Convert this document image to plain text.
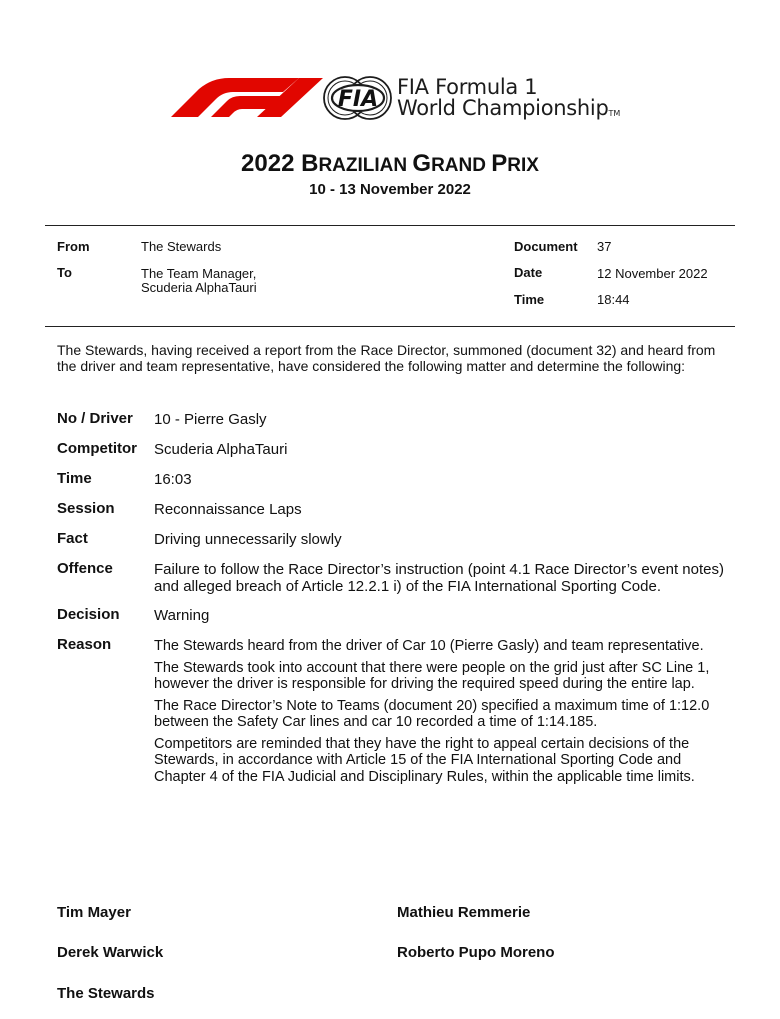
FIA FIA Formula 1
World ChampionshipTM
2022 BRAZILIAN GRAND PRIX
10 - 13 November 2022
From	The Stewards
To	The Team Manager,
Scuderia AlphaTauri
Document 37
Date	12 November 2022
Time	18:44
The Stewards, having received a report from the Race Director, summoned (document 32) and heard from the driver and team representative, have considered the following matter and determine the following:
No / Driver 10 - Pierre Gasly
Competitor Scuderia AlphaTauri
Time	16:03
Session	Reconnaissance Laps
Fact	Driving unnecessarily slowly
Offence	Failure to follow the Race Director’s instruction (point 4.1 Race Director’s event notes) and alleged breach of Article 12.2.1 i) of the FIA International Sporting Code.
Decision Warning
Reason	The Stewards heard from the driver of Car 10 (Pierre Gasly) and team representative.

The Stewards took into account that there were people on the grid just after SC Line 1, however the driver is responsible for driving the required speed during the entire lap.

The Race Director’s Note to Teams (document 20) specified a maximum time of 1:12.0 between the Safety Car lines and car 10 recorded a time of 1:14.185.

Competitors are reminded that they have the right to appeal certain decisions of the Stewards, in accordance with Article 15 of the FIA International Sporting Code and Chapter 4 of the FIA Judicial and Disciplinary Rules, within the applicable time limits.

Tim Mayer	Mathieu Remmerie
Derek Warwick	Roberto Pupo Moreno
The Stewards
